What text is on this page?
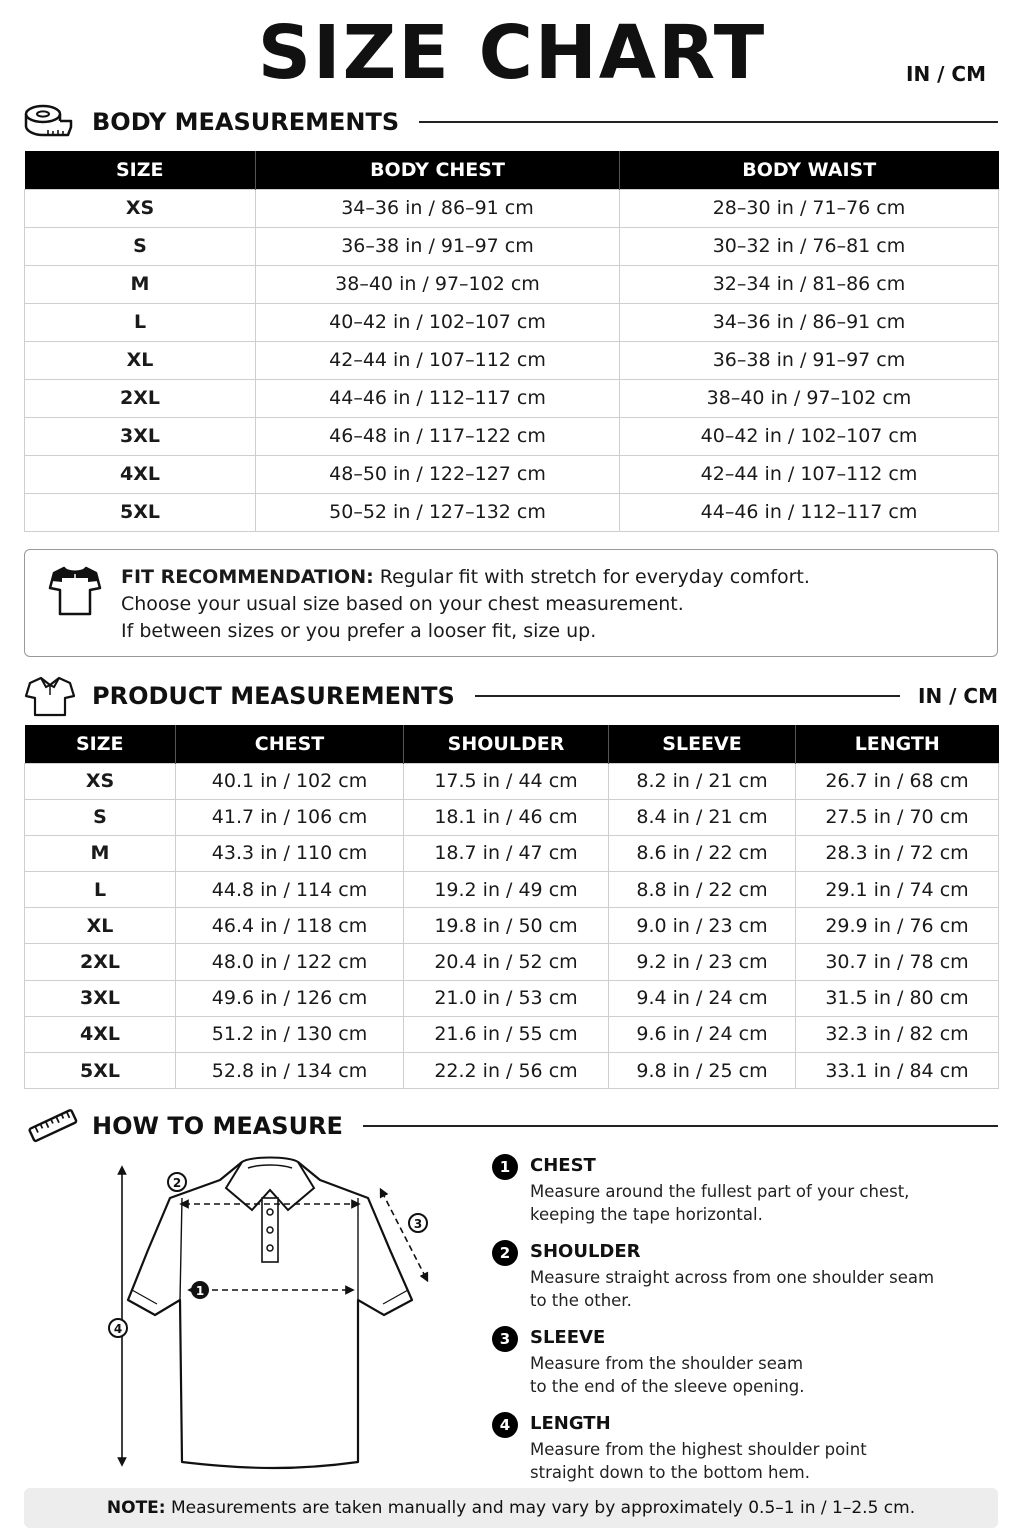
SIZE CHART	IN / CM
BODY MEASUREMENTS
SIZE	BODY CHEST	BODY WAIST
XS	34–36 in / 86–91 cm	28–30 in / 71–76 cm
S	36–38 in / 91–97 cm	30–32 in / 76–81 cm
M	38–40 in / 97–102 cm	32–34 in / 81–86 cm
L	40–42 in / 102–107 cm	34–36 in / 86–91 cm
XL	42–44 in / 107–112 cm	36–38 in / 91–97 cm
2XL	44–46 in / 112–117 cm	38–40 in / 97–102 cm
3XL	46–48 in / 117–122 cm	40–42 in / 102–107 cm
4XL	48–50 in / 122–127 cm	42–44 in / 107–112 cm
5XL	50–52 in / 127–132 cm	44–46 in / 112–117 cm
FIT RECOMMENDATION: Regular fit with stretch for everyday comfort.
Choose your usual size based on your chest measurement.
If between sizes or you prefer a looser fit, size up.
PRODUCT MEASUREMENTS	IN / CM
SIZE	CHEST	SHOULDER	SLEEVE	LENGTH
XS	40.1 in / 102 cm	17.5 in / 44 cm	8.2 in / 21 cm	26.7 in / 68 cm
S	41.7 in / 106 cm	18.1 in / 46 cm	8.4 in / 21 cm	27.5 in / 70 cm
M	43.3 in / 110 cm	18.7 in / 47 cm	8.6 in / 22 cm	28.3 in / 72 cm
L	44.8 in / 114 cm	19.2 in / 49 cm	8.8 in / 22 cm	29.1 in / 74 cm
XL	46.4 in / 118 cm	19.8 in / 50 cm	9.0 in / 23 cm	29.9 in / 76 cm
2XL	48.0 in / 122 cm	20.4 in / 52 cm	9.2 in / 23 cm	30.7 in / 78 cm
3XL	49.6 in / 126 cm	21.0 in / 53 cm	9.4 in / 24 cm	31.5 in / 80 cm
4XL	51.2 in / 130 cm	21.6 in / 55 cm	9.6 in / 24 cm	32.3 in / 82 cm
5XL	52.8 in / 134 cm	22.2 in / 56 cm	9.8 in / 25 cm	33.1 in / 84 cm
HOW TO MEASURE
1
2
3
4
1	CHEST
Measure around the fullest part of your chest,
keeping the tape horizontal.
2	SHOULDER
Measure straight across from one shoulder seam
to the other.
3	SLEEVE
Measure from the shoulder seam
to the end of the sleeve opening.
4	LENGTH
Measure from the highest shoulder point
straight down to the bottom hem.
NOTE: Measurements are taken manually and may vary by approximately 0.5–1 in / 1–2.5 cm.
